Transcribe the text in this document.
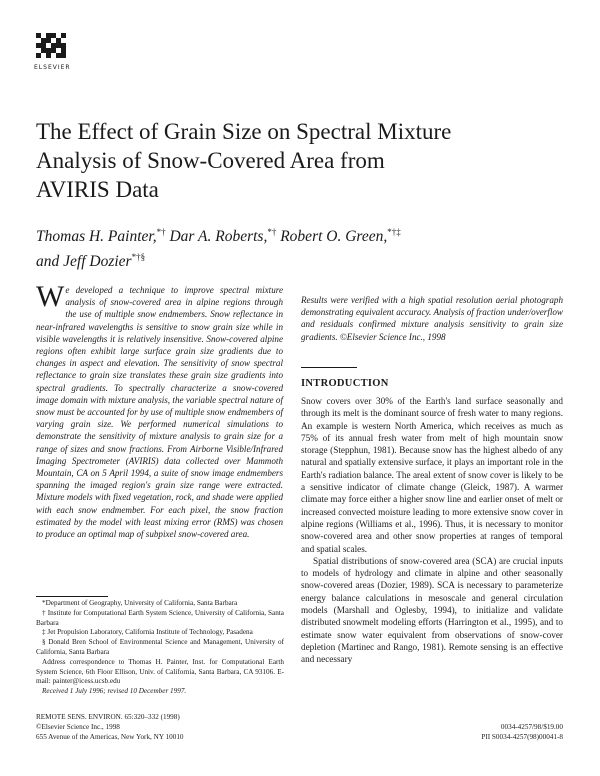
ELSEVIER
The Effect of Grain Size on Spectral Mixture
Analysis of Snow-Covered Area from
AVIRIS Data
Thomas H. Painter,*† Dar A. Roberts,*† Robert O. Green,*†‡
and Jeff Dozier*†§
We developed a technique to improve spectral mixture analysis of snow-covered area in alpine regions through the use of multiple snow endmembers. Snow reflectance in near-infrared wavelengths is sensitive to snow grain size while in visible wavelengths it is relatively insensitive. Snow-covered alpine regions often exhibit large surface grain size gradients due to changes in aspect and elevation. The sensitivity of snow spectral reflectance to grain size translates these grain size gradients into spectral gradients. To spectrally characterize a snow-covered image domain with mixture analysis, the variable spectral nature of snow must be accounted for by use of multiple snow endmembers of varying grain size. We performed numerical simulations to demonstrate the sensitivity of mixture analysis to grain size for a range of sizes and snow fractions. From Airborne Visible/Infrared Imaging Spectrometer (AVIRIS) data collected over Mammoth Mountain, CA on 5 April 1994, a suite of snow image endmembers spanning the imaged region's grain size range were extracted. Mixture models with fixed vegetation, rock, and shade were applied with each snow endmember. For each pixel, the snow fraction estimated by the model with least mixing error (RMS) was chosen to produce an optimal map of subpixel snow-covered area.
Results were verified with a high spatial resolution aerial photograph demonstrating equivalent accuracy. Analysis of fraction under/overflow and residuals confirmed mixture analysis sensitivity to grain size gradients. ©Elsevier Science Inc., 1998
INTRODUCTION

Snow covers over 30% of the Earth's land surface seasonally and through its melt is the dominant source of fresh water to many regions. An example is western North America, which receives as much as 75% of its annual fresh water from melt of high mountain snow storage (Stepphun, 1981). Because snow has the highest albedo of any natural and spatially extensive surface, it plays an important role in the Earth's radiation balance. The areal extent of snow cover is likely to be a sensitive indicator of climate change (Gleick, 1987). A warmer climate may force either a higher snow line and earlier onset of melt or increased convected moisture leading to more extensive snow cover in alpine regions (Williams et al., 1996). Thus, it is necessary to monitor snow-covered area and other snow properties at ranges of temporal and spatial scales.

Spatial distributions of snow-covered area (SCA) are crucial inputs to models of hydrology and climate in alpine and other seasonally snow-covered areas (Dozier, 1989). SCA is necessary to parameterize energy balance calculations in mesoscale and general circulation models (Marshall and Oglesby, 1994), to initialize and validate distributed snowmelt modeling efforts (Harrington et al., 1995), and to estimate snow water equivalent from observations of snow-cover depletion (Martinec and Rango, 1981). Remote sensing is an effective and necessary

*Department of Geography, University of California, Santa Barbara

† Institute for Computational Earth System Science, University of California, Santa Barbara

‡ Jet Propulsion Laboratory, California Institute of Technology, Pasadena

§ Donald Bren School of Environmental Science and Management, University of California, Santa Barbara

Address correspondence to Thomas H. Painter, Inst. for Computational Earth System Science, 6th Floor Ellison, Univ. of California, Santa Barbara, CA 93106. E-mail: painter@icess.ucsb.edu

Received 1 July 1996; revised 10 December 1997.

REMOTE SENS. ENVIRON. 65:320–332 (1998)
©Elsevier Science Inc., 1998
655 Avenue of the Americas, New York, NY 10010
0034-4257/98/$19.00
PII S0034-4257(98)00041-8
